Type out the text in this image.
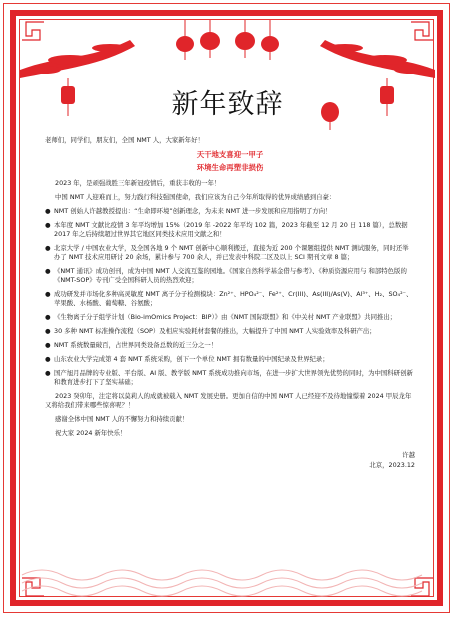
新年致辞

老师们，同学们，朋友们，全国 NMT 人，大家新年好！

天干地支喜迎一甲子
环境生命再塑非损伤

2023 年，是顽强战胜三年新冠疫情后，重获丰收的一年！

中国 NMT 人迎难而上，努力践行科技强国使命，我们应该为自己今年所取得的优异成绩感到自豪：

● NMT 创始人许越教授提出：“生命即环境”创新理念，为未来 NMT 进一步发展和应用指明了方向！
● 本年度 NMT 文献比疫情 3 年平均增加 15%（2019 年 -2022 年平均 102 篇，2023 年截至 12 月 20 日 118 篇），总数据 2017 年之后持续超过世界其它地区同类技术应用文献之和！
● 北京大学 / 中国农业大学，及全国各地 9 个 NMT 创新中心顺利搬迁，直接为近 200 个课题组提供 NMT 测试服务，同时还举办了 NMT 技术应用研讨 20 余场，累计参与 700 余人，并已发表中科院二区及以上 SCI 期刊文章 8 篇；
● 《NMT 通讯》成功创刊，成为中国 NMT 人交流互鉴的园地。《国家自然科学基金借与参考》、《种质资源应用与 和部特色版的《NMT-SOP》专刊广受全国科研人员的热烈欢迎；
● 成功研发并市场化多种高灵敏度 NMT 离子分子检测模块：Zn²⁺、HPO₄²⁻、Fe²⁺、Cr(III)、As(III)/As(V)、Al³⁺、H₂、SO₄²⁻、苹果酸、水杨酸、葡萄糖、谷氨酸；
● 《生物离子分子组学计划（Bio-imOmics Project：BIP）》由《NMT 国际联盟》和《中关村 NMT 产业联盟》共同推出；
● 30 多种 NMT 标准操作流程（SOP）及相应实验耗材套餐的推出，大幅提升了中国 NMT 人实验效率及科研产出；
● NMT 系统数量破百，占世界同类设备总数的近三分之一！
● 山东农业大学完成第 4 套 NMT 系统采购，创下一个单位 NMT 拥有数量的中国纪录及世界纪录；
● 国产旭月品牌的专业版、平台版、AI 版、教学版 NMT 系统成功推向市场，在进一步扩大世界领先优势的同时，为中国科研创新和教育进步打下了坚实基础；

2023 癸卯年，注定将以莫莉人的成就被载入 NMT 发展史册。更加自信的中国 NMT 人已经迎不及待地憧憬着 2024 甲辰龙年又将给我们带来哪些惊喜呢？！

感谢全体中国 NMT 人的不懈努力和持续贡献！

祝大家 2024 新年快乐！

许越
北京，2023.12
